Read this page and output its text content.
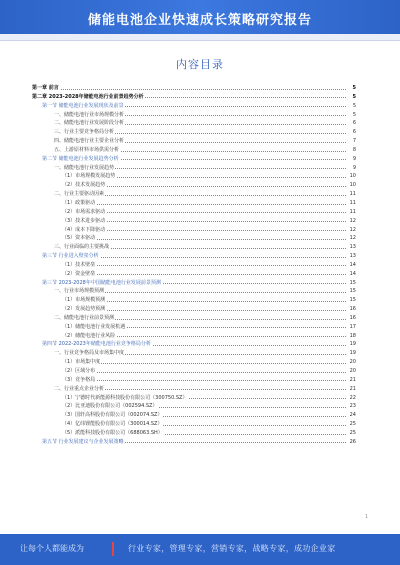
储能电池企业快速成长策略研究报告
内容目录
第一章 前言	5
第二章 2023-2028年储能电池行业前景趋势分析	5
第一节 储能电池行业发展现状及前景	5
一、储能电池行业市场规模分析	5
二、储能电池行业发展阶段分析	6
三、行业主要竞争格局分析	6
四、储能电池行业主要企业分析	7
五、上游原材料市场供需分析	8
第二节 储能电池行业发展趋势分析	9
一、储能电池行业发展趋势	9
（1）市场规模发展趋势	10
（2）技术发展趋势	10
二、行业主要驱动因素	11
（1）政策驱动	11
（2）市场需求驱动	11
（3）技术进步驱动	12
（4）成本下降驱动	12
（5）资本驱动	12
三、行业面临的主要挑战	13
第三节 行业进入壁垒分析	13
（1）技术壁垒	14
（2）资金壁垒	14
第三节 2023-2028年中国储能电池行业发展前景预测	15
一、行业市场规模预测	15
（1）市场规模预测	15
（2）发展趋势预测	16
二、储能电池行业前景预测	16
（1）储能电池行业发展机遇	17
（2）储能电池行业风险	18
第四节 2022-2023年储能电池行业竞争格局分析	19
一、行业竞争格局及市场集中度	19
（1）市场集中度	20
（2）区域分布	20
（3）竞争格局	21
二、行业重点企业分析	21
（1）宁德时代新能源科技股份有限公司（300750.SZ）	22
（2）比亚迪股份有限公司（002594.SZ）	23
（3）国轩高科股份有限公司（002074.SZ）	24
（4）亿纬锂能股份有限公司（300014.SZ）	25
（5）派能科技股份有限公司（688063.SH）	25
第五节 行业发展建议与企业发展策略	26
1
让每个人都能成为	行业专家，管理专家，营销专家，战略专家，成功企业家
